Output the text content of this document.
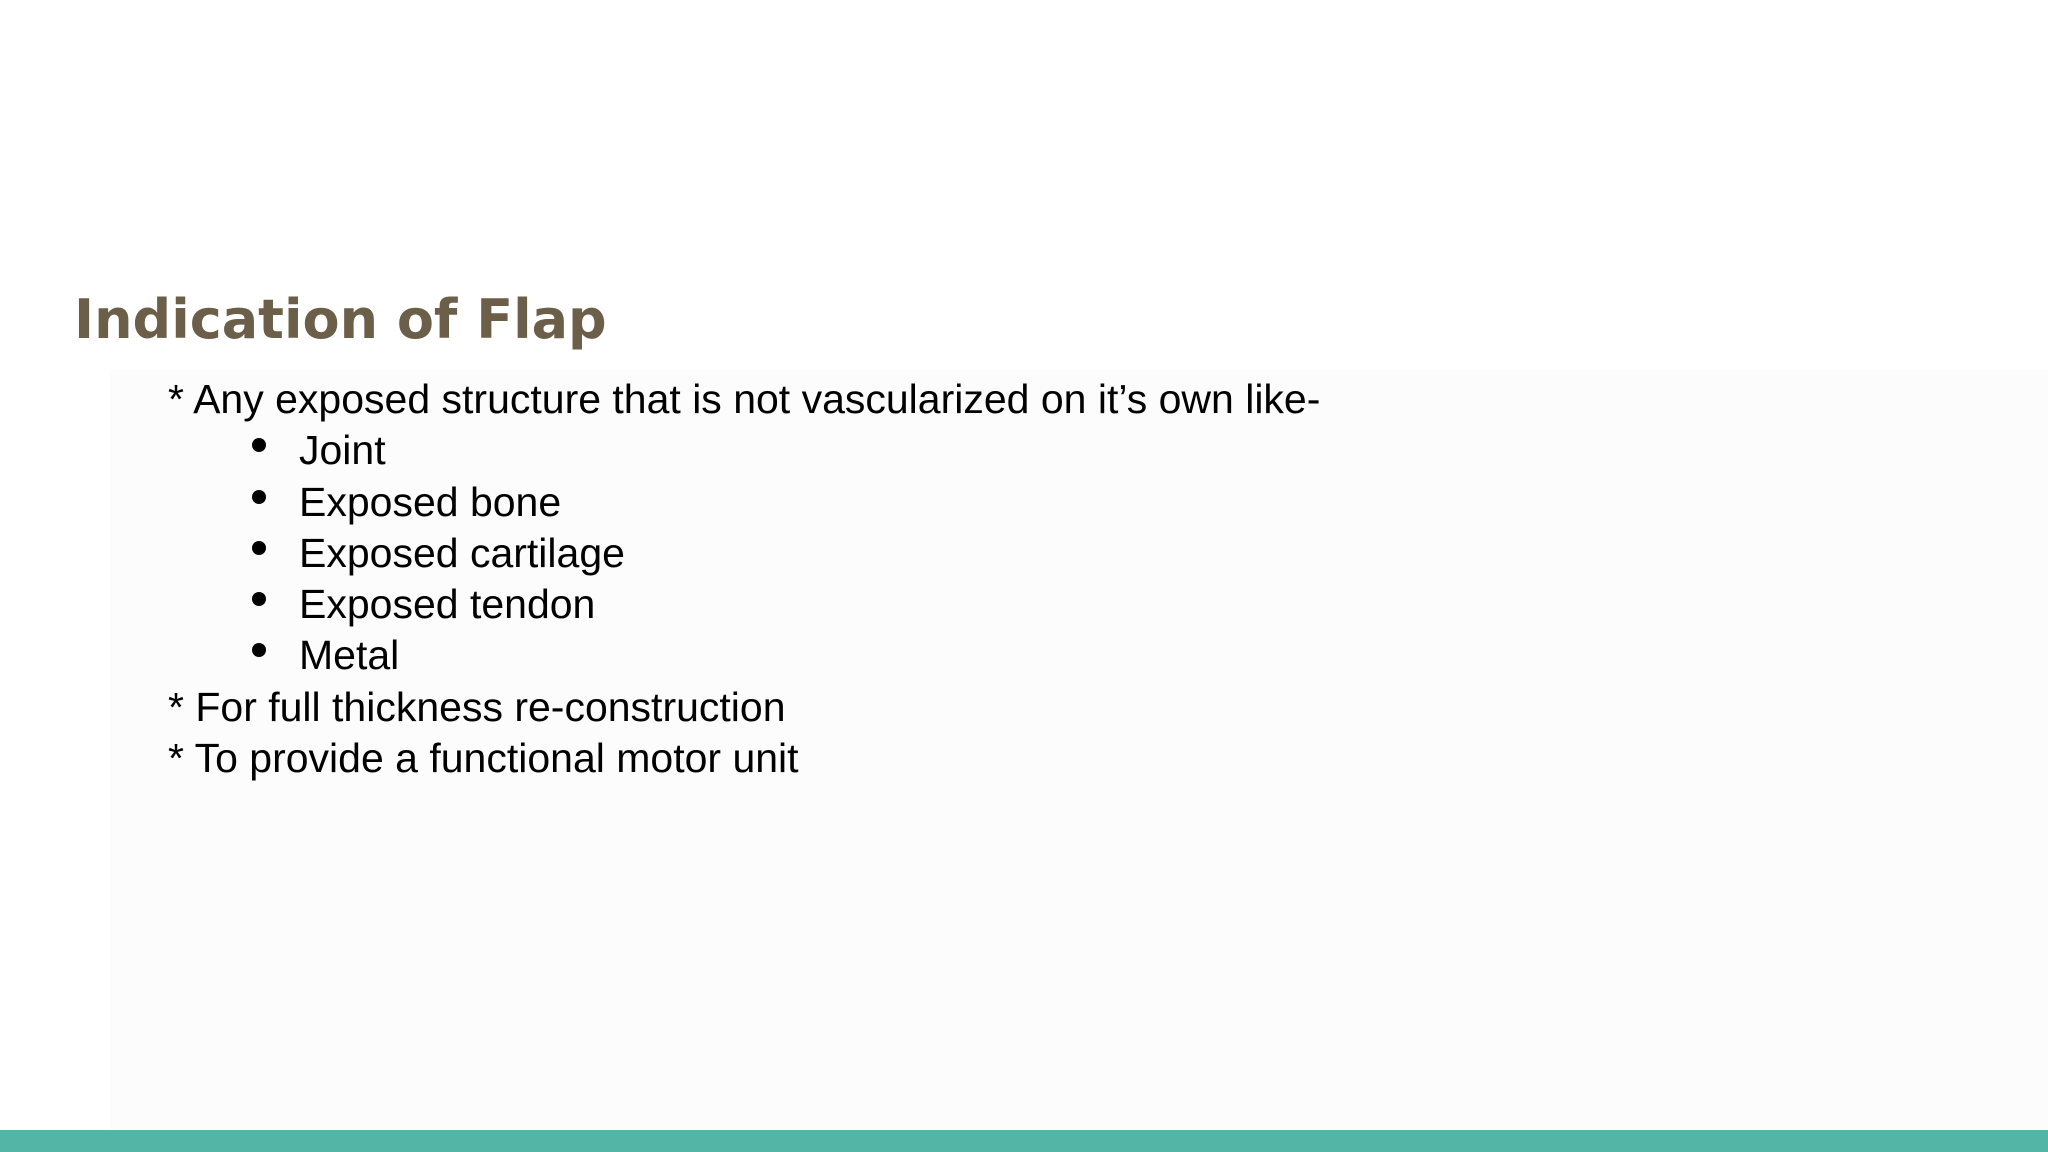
Indication of Flap
* Any exposed structure that is not vascularized on it’s own like-
Joint
Exposed bone
Exposed cartilage
Exposed tendon
Metal
* For full thickness re-construction
* To provide a functional motor unit
